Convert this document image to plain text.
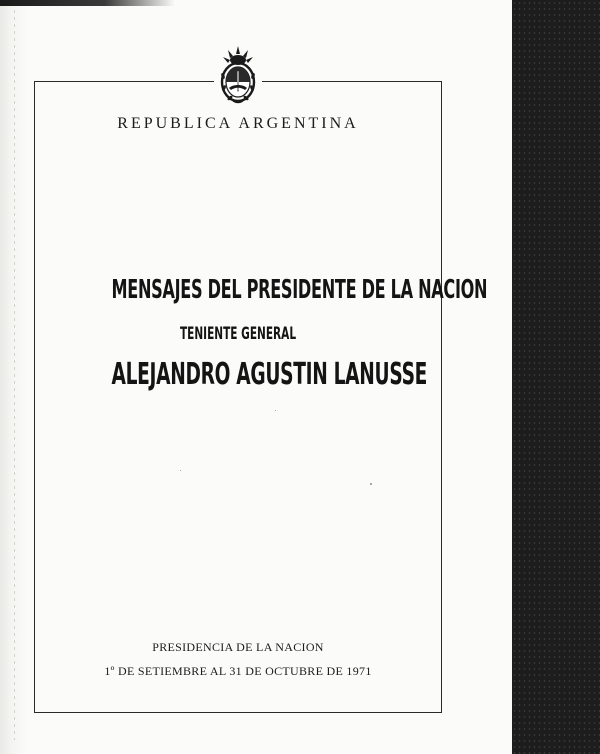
REPUBLICA ARGENTINA
MENSAJES DEL PRESIDENTE DE LA NACION
TENIENTE GENERAL
ALEJANDRO AGUSTIN LANUSSE
PRESIDENCIA DE LA NACION
1º DE SETIEMBRE AL 31 DE OCTUBRE DE 1971
